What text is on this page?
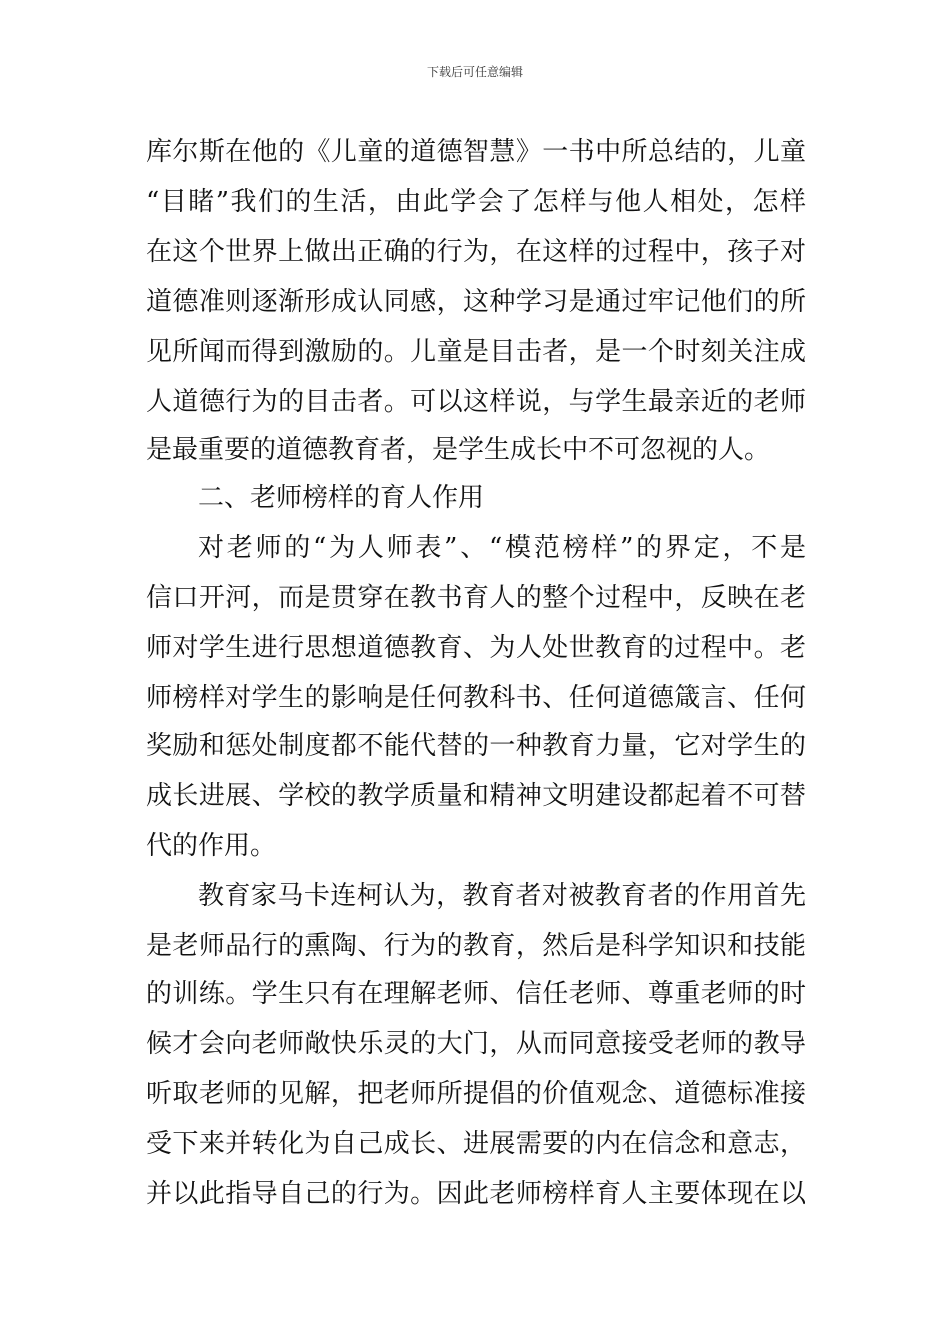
下载后可任意编辑
库尔斯在他的《儿童的道德智慧》一书中所总结的，儿童
“目睹”我们的生活，由此学会了怎样与他人相处，怎样
在这个世界上做出正确的行为，在这样的过程中，孩子对
道德准则逐渐形成认同感，这种学习是通过牢记他们的所
见所闻而得到激励的。儿童是目击者，是一个时刻关注成
人道德行为的目击者。可以这样说，与学生最亲近的老师
是最重要的道德教育者，是学生成长中不可忽视的人。
二、老师榜样的育人作用
对老师的“为人师表”、“模范榜样”的界定，不是
信口开河，而是贯穿在教书育人的整个过程中，反映在老
师对学生进行思想道德教育、为人处世教育的过程中。老
师榜样对学生的影响是任何教科书、任何道德箴言、任何
奖励和惩处制度都不能代替的一种教育力量，它对学生的
成长进展、学校的教学质量和精神文明建设都起着不可替
代的作用。
教育家马卡连柯认为，教育者对被教育者的作用首先
是老师品行的熏陶、行为的教育，然后是科学知识和技能
的训练。学生只有在理解老师、信任老师、尊重老师的时
候才会向老师敞快乐灵的大门，从而同意接受老师的教导
听取老师的见解，把老师所提倡的价值观念、道德标准接
受下来并转化为自己成长、进展需要的内在信念和意志，
并以此指导自己的行为。因此老师榜样育人主要体现在以
